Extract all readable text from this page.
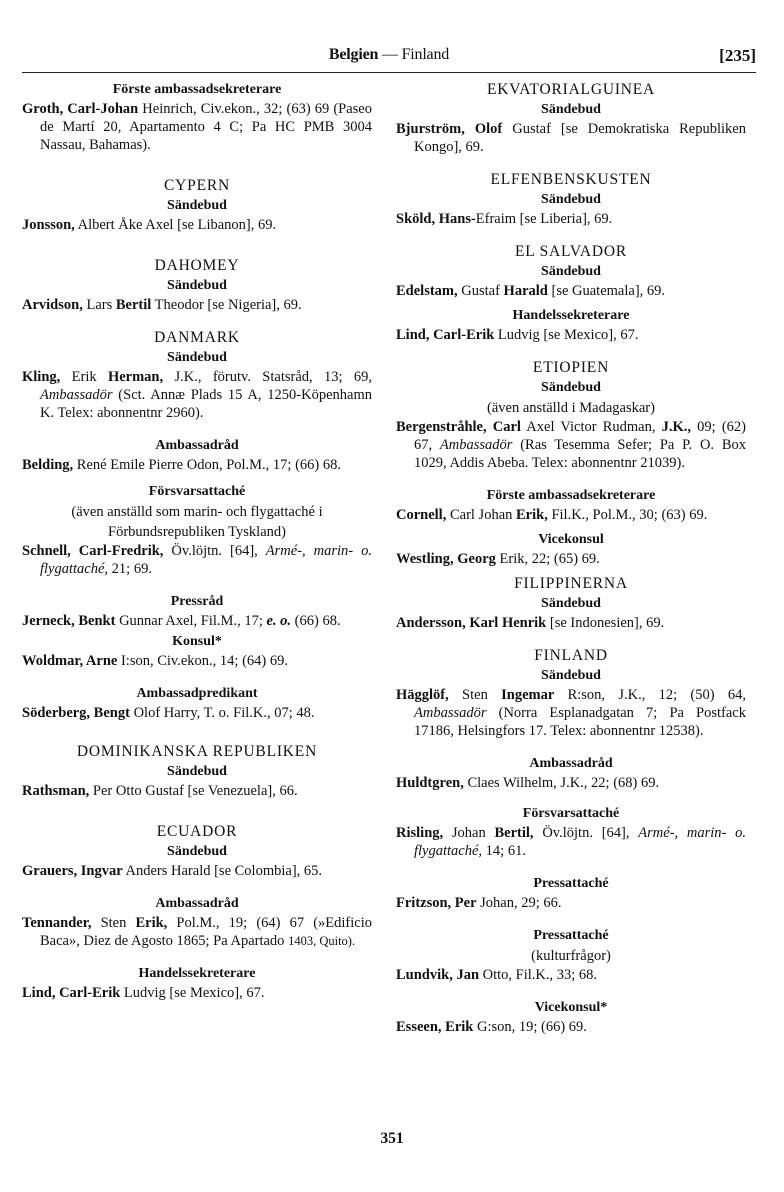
Belgien — Finland	[235]

Förste ambassadsekreterare

Groth, Carl-Johan Heinrich, Civ.ekon., 32; (63) 69 (Paseo de Martí 20, Apartamento 4 C; Pa HC PMB 3004 Nassau, Bahamas).

CYPERN

Sändebud

Jonsson, Albert Åke Axel [se Libanon], 69.

DAHOMEY

Sändebud

Arvidson, Lars Bertil Theodor [se Nigeria], 69.

DANMARK

Sändebud

Kling, Erik Herman, J.K., förutv. Statsråd, 13; 69, Ambassadör (Sct. Annæ Plads 15 A, 1250-Köpenhamn K. Telex: abonnentnr 2960).

Ambassadråd

Belding, René Emile Pierre Odon, Pol.M., 17; (66) 68.

Försvarsattaché

(även anställd som marin- och flygattaché i Förbundsrepubliken Tyskland)

Schnell, Carl-Fredrik, Öv.löjtn. [64], Armé-, marin- o. flygattaché, 21; 69.

Pressråd

Jerneck, Benkt Gunnar Axel, Fil.M., 17; e. o. (66) 68.

Konsul*

Woldmar, Arne I:son, Civ.ekon., 14; (64) 69.

Ambassadpredikant

Söderberg, Bengt Olof Harry, T. o. Fil.K., 07; 48.

DOMINIKANSKA REPUBLIKEN

Sändebud

Rathsman, Per Otto Gustaf [se Venezuela], 66.

ECUADOR

Sändebud

Grauers, Ingvar Anders Harald [se Colombia], 65.

Ambassadråd

Tennander, Sten Erik, Pol.M., 19; (64) 67 (»Edificio Baca», Diez de Agosto 1865; Pa Apartado 1403, Quito).

Handelssekreterare

Lind, Carl-Erik Ludvig [se Mexico], 67.

EKVATORIALGUINEA

Sändebud

Bjurström, Olof Gustaf [se Demokratiska Republiken Kongo], 69.

ELFENBENSKUSTEN

Sändebud

Sköld, Hans-Efraim [se Liberia], 69.

EL SALVADOR

Sändebud

Edelstam, Gustaf Harald [se Guatemala], 69.

Handelssekreterare

Lind, Carl-Erik Ludvig [se Mexico], 67.

ETIOPIEN

Sändebud

(även anställd i Madagaskar)

Bergenstråhle, Carl Axel Victor Rudman, J.K., 09; (62) 67, Ambassadör (Ras Tesemma Sefer; Pa P. O. Box 1029, Addis Abeba. Telex: abonnentnr 21039).

Förste ambassadsekreterare

Cornell, Carl Johan Erik, Fil.K., Pol.M., 30; (63) 69.

Vicekonsul

Westling, Georg Erik, 22; (65) 69.

FILIPPINERNA

Sändebud

Andersson, Karl Henrik [se Indonesien], 69.

FINLAND

Sändebud

Hägglöf, Sten Ingemar R:son, J.K., 12; (50) 64, Ambassadör (Norra Esplanadgatan 7; Pa Postfack 17186, Helsingfors 17. Telex: abonnentnr 12538).

Ambassadråd

Huldtgren, Claes Wilhelm, J.K., 22; (68) 69.

Försvarsattaché

Risling, Johan Bertil, Öv.löjtn. [64], Armé-, marin- o. flygattaché, 14; 61.

Pressattaché

Fritzson, Per Johan, 29; 66.

Pressattaché

(kulturfrågor)

Lundvik, Jan Otto, Fil.K., 33; 68.

Vicekonsul*

Esseen, Erik G:son, 19; (66) 69.

351
